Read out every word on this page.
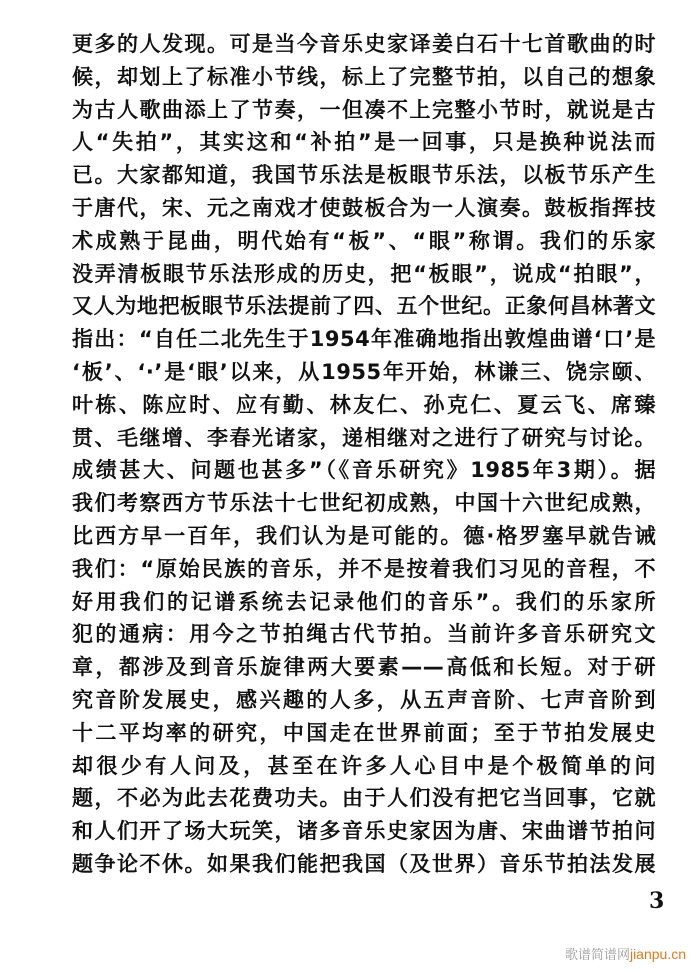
更多的人发现。可是当今音乐史家译姜白石十七首歌曲的时
候，却划上了标准小节线，标上了完整节拍，以自己的想象
为古人歌曲添上了节奏，一但凑不上完整小节时，就说是古
人“失拍”，其实这和“补拍”是一回事，只是换种说法而
已。大家都知道，我国节乐法是板眼节乐法，以板节乐产生
于唐代，宋、元之南戏才使鼓板合为一人演奏。鼓板指挥技
术成熟于昆曲，明代始有“板”、“眼”称谓。我们的乐家
没弄清板眼节乐法形成的历史，把“板眼”，说成“拍眼”，
又人为地把板眼节乐法提前了四、五个世纪。正象何昌林著文
指出：“自任二北先生于1954年准确地指出敦煌曲谱‘口’是
‘板’、‘·’是‘眼’以来，从1955年开始，林谦三、饶宗颐、
叶栋、陈应时、应有勤、林友仁、孙克仁、夏云飞、席臻
贯、毛继增、李春光诸家，递相继对之进行了研究与讨论。
成绩甚大、问题也甚多”（《音乐研究》1985年3期）。据
我们考察西方节乐法十七世纪初成熟，中国十六世纪成熟，
比西方早一百年，我们认为是可能的。德·格罗塞早就告诫
我们：“原始民族的音乐，并不是按着我们习见的音程，不
好用我们的记谱系统去记录他们的音乐”。我们的乐家所
犯的通病：用今之节拍绳古代节拍。当前许多音乐研究文
章，都涉及到音乐旋律两大要素——高低和长短。对于研
究音阶发展史，感兴趣的人多，从五声音阶、七声音阶到
十二平均率的研究，中国走在世界前面；至于节拍发展史
却很少有人问及，甚至在许多人心目中是个极简单的问
题，不必为此去花费功夫。由于人们没有把它当回事，它就
和人们开了场大玩笑，诸多音乐史家因为唐、宋曲谱节拍问
题争论不休。如果我们能把我国（及世界）音乐节拍法发展
3
歌谱简谱网jianpu.cn
